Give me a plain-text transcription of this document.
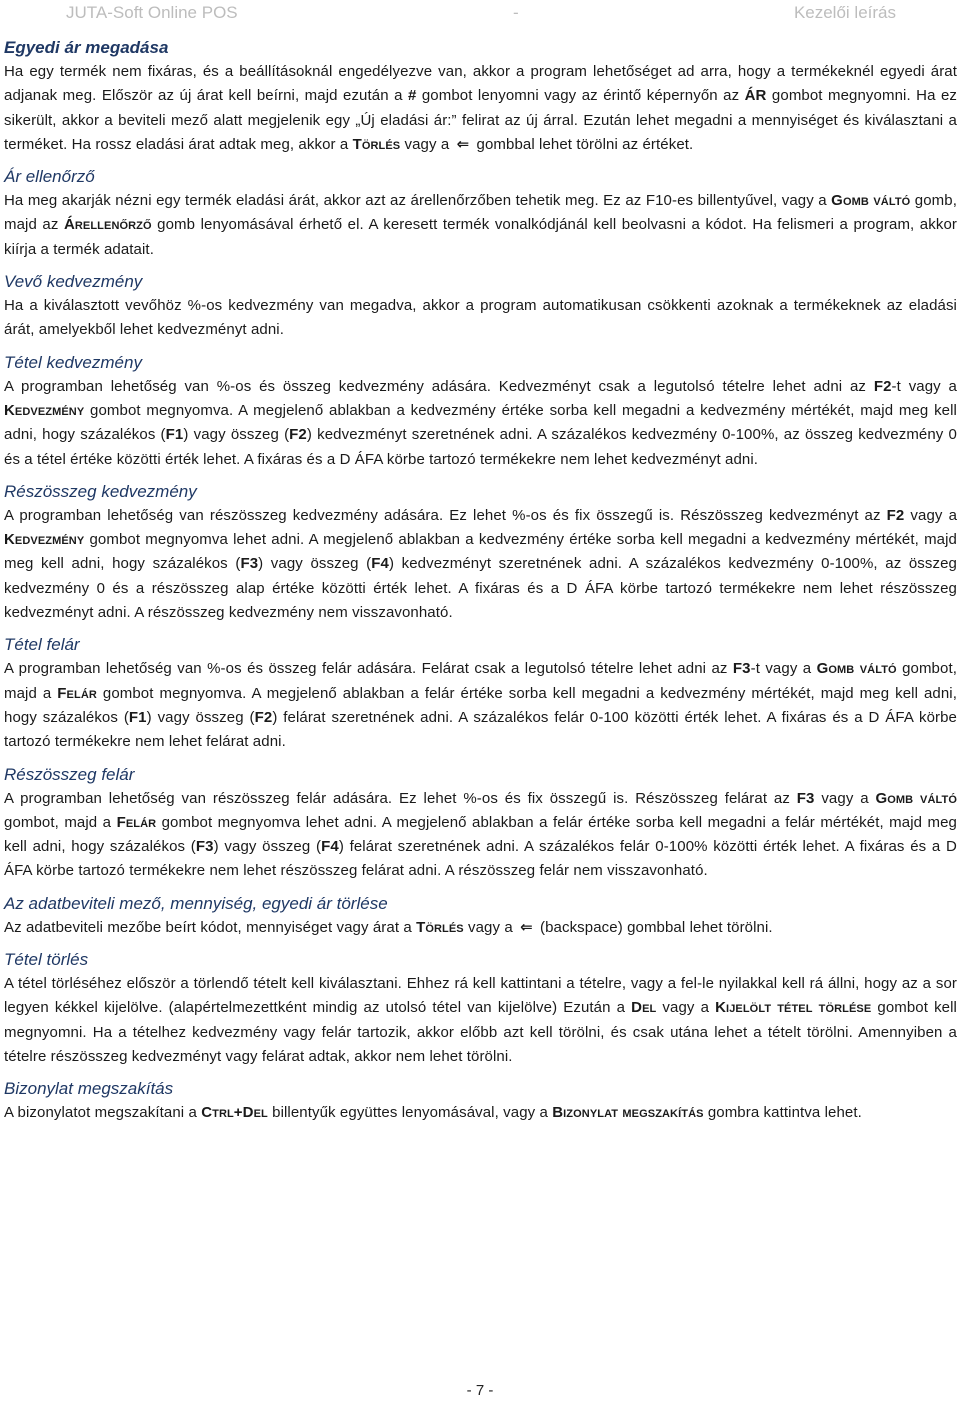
JUTA-Soft Online POS	-	Kezelői leírás
Egyedi ár megadása

Ha egy termék nem fixáras, és a beállításoknál engedélyezve van, akkor a program lehetőséget ad arra, hogy a termékeknél egyedi árat adjanak meg. Először az új árat kell beírni, majd ezután a # gombot lenyomni vagy az érintő képernyőn az ÁR gombot megnyomni. Ha ez sikerült, akkor a beviteli mező alatt megjelenik egy „Új eladási ár:” felirat az új árral. Ezután lehet megadni a mennyiséget és kiválasztani a terméket. Ha rossz eladási árat adtak meg, akkor a Törlés vagy a ⇐ gombbal lehet törölni az értéket.

Ár ellenőrző

Ha meg akarják nézni egy termék eladási árát, akkor azt az árellenőrzőben tehetik meg. Ez az F10-es billentyűvel, vagy a Gomb váltó gomb, majd az Árellenőrző gomb lenyomásával érhető el. A keresett termék vonalkódjánál kell beolvasni a kódot. Ha felismeri a program, akkor kiírja a termék adatait.

Vevő kedvezmény

Ha a kiválasztott vevőhöz %-os kedvezmény van megadva, akkor a program automatikusan csökkenti azoknak a termékeknek az eladási árát, amelyekből lehet kedvezményt adni.

Tétel kedvezmény

A programban lehetőség van %-os és összeg kedvezmény adására. Kedvezményt csak a legutolsó tételre lehet adni az F2-t vagy a Kedvezmény gombot megnyomva. A megjelenő ablakban a kedvezmény értéke sorba kell megadni a kedvezmény mértékét, majd meg kell adni, hogy százalékos (F1) vagy összeg (F2) kedvezményt szeretnének adni. A százalékos kedvezmény 0-100%, az összeg kedvezmény 0 és a tétel értéke közötti érték lehet. A fixáras és a D ÁFA körbe tartozó termékekre nem lehet kedvezményt adni.

Részösszeg kedvezmény

A programban lehetőség van részösszeg kedvezmény adására. Ez lehet %-os és fix összegű is. Részösszeg kedvezményt az F2 vagy a Kedvezmény gombot megnyomva lehet adni. A megjelenő ablakban a kedvezmény értéke sorba kell megadni a kedvezmény mértékét, majd meg kell adni, hogy százalékos (F3) vagy összeg (F4) kedvezményt szeretnének adni. A százalékos kedvezmény 0-100%, az összeg kedvezmény 0 és a részösszeg alap értéke közötti érték lehet. A fixáras és a D ÁFA körbe tartozó termékekre nem lehet részösszeg kedvezményt adni. A részösszeg kedvezmény nem visszavonható.

Tétel felár

A programban lehetőség van %-os és összeg felár adására. Felárat csak a legutolsó tételre lehet adni az F3-t vagy a Gomb váltó gombot, majd a Felár gombot megnyomva. A megjelenő ablakban a felár értéke sorba kell megadni a kedvezmény mértékét, majd meg kell adni, hogy százalékos (F1) vagy összeg (F2) felárat szeretnének adni. A százalékos felár 0-100 közötti érték lehet. A fixáras és a D ÁFA körbe tartozó termékekre nem lehet felárat adni.

Részösszeg felár

A programban lehetőség van részösszeg felár adására. Ez lehet %-os és fix összegű is. Részösszeg felárat az F3 vagy a Gomb váltó gombot, majd a Felár gombot megnyomva lehet adni. A megjelenő ablakban a felár értéke sorba kell megadni a felár mértékét, majd meg kell adni, hogy százalékos (F3) vagy összeg (F4) felárat szeretnének adni. A százalékos felár 0-100% közötti érték lehet. A fixáras és a D ÁFA körbe tartozó termékekre nem lehet részösszeg felárat adni. A részösszeg felár nem visszavonható.

Az adatbeviteli mező, mennyiség, egyedi ár törlése

Az adatbeviteli mezőbe beírt kódot, mennyiséget vagy árat a Törlés vagy a ⇐ (backspace) gombbal lehet törölni.

Tétel törlés

A tétel törléséhez először a törlendő tételt kell kiválasztani. Ehhez rá kell kattintani a tételre, vagy a fel-le nyilakkal kell rá állni, hogy az a sor legyen kékkel kijelölve. (alapértelmezettként mindig az utolsó tétel van kijelölve) Ezután a Del vagy a Kijelölt tétel törlése gombot kell megnyomni. Ha a tételhez kedvezmény vagy felár tartozik, akkor előbb azt kell törölni, és csak utána lehet a tételt törölni. Amennyiben a tételre részösszeg kedvezményt vagy felárat adtak, akkor nem lehet törölni.

Bizonylat megszakítás

A bizonylatot megszakítani a Ctrl+Del billentyűk együttes lenyomásával, vagy a Bizonylat megszakítás gombra kattintva lehet.

- 7 -
